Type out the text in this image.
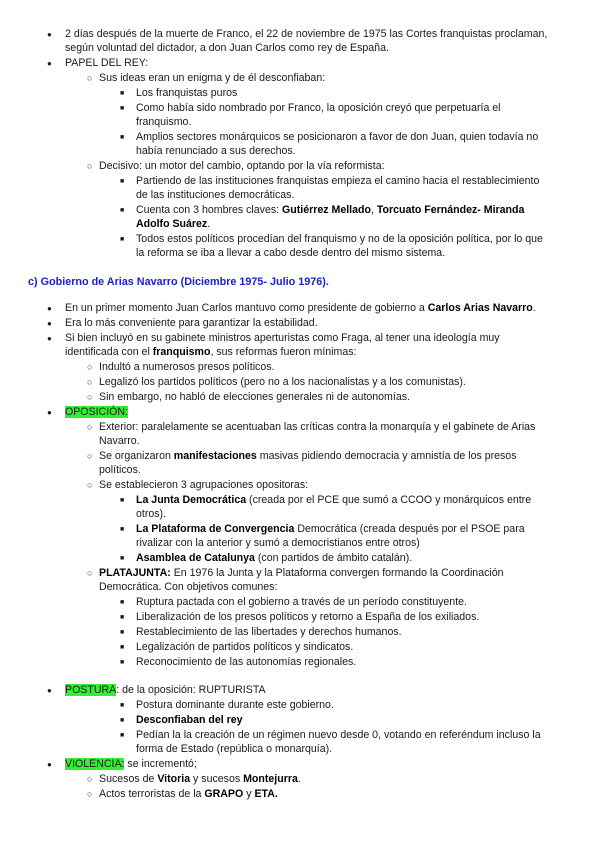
● 2 días después de la muerte de Franco, el 22 de noviembre de 1975 las Cortes franquistas proclaman,
según voluntad del dictador, a don Juan Carlos como rey de España.
● PAPEL DEL REY:
○ Sus ideas eran un enigma y de él desconfiaban:
■ Los franquistas puros
■ Como había sido nombrado por Franco, la oposición creyó que perpetuaría el
franquismo.
■ Amplios sectores monárquicos se posicionaron a favor de don Juan, quien todavía no
había renunciado a sus derechos.
○ Decisivo: un motor del cambio, optando por la vía reformista:
■ Partiendo de las instituciones franquistas empieza el camino hacia el restablecimiento
de las instituciones democráticas.
■ Cuenta con 3 hombres claves: Gutiérrez Mellado, Torcuato Fernández- Miranda
Adolfo Suárez.
■ Todos estos políticos procedían del franquismo y no de la oposición política, por lo que
la reforma se iba a llevar a cabo desde dentro del mismo sistema.
c) Gobierno de Arias Navarro (Diciembre 1975- Julio 1976).
● En un primer momento Juan Carlos mantuvo como presidente de gobierno a Carlos Arias Navarro.
● Era lo más conveniente para garantizar la estabilidad.
● Si bien incluyó en su gabinete ministros aperturistas como Fraga, al tener una ideología muy
identificada con el franquismo, sus reformas fueron mínimas:
○ Indultó a numerosos presos políticos.
○ Legalizó los partidos políticos (pero no a los nacionalistas y a los comunistas).
○ Sin embargo, no habló de elecciones generales ni de autonomías.
● OPOSICIÓN:
○ Exterior: paralelamente se acentuaban las críticas contra la monarquía y el gabinete de Arias
Navarro.
○ Se organizaron manifestaciones masivas pidiendo democracia y amnistía de los presos
políticos.
○ Se establecieron 3 agrupaciones opositoras:
■ La Junta Democrática (creada por el PCE que sumó a CCOO y monárquicos entre
otros).
■ La Plataforma de Convergencia Democrática (creada después por el PSOE para
rivalizar con la anterior y sumó a democristianos entre otros)
■ Asamblea de Catalunya (con partidos de ámbito catalán).
○ PLATAJUNTA: En 1976 la Junta y la Plataforma convergen formando la Coordinación
Democrática. Con objetivos comunes:
■ Ruptura pactada con el gobierno a través de un período constituyente.
■ Liberalización de los presos políticos y retorno a España de los exiliados.
■ Restablecimiento de las libertades y derechos humanos.
■ Legalización de partidos políticos y sindicatos.
■ Reconocimiento de las autonomías regionales.
● POSTURA: de la oposición: RUPTURISTA
■ Postura dominante durante este gobierno.
■ Desconfiaban del rey
■ Pedían la la creación de un régimen nuevo desde 0, votando en referéndum incluso la
forma de Estado (república o monarquía).
● VIOLENCIA: se incrementó;
○ Sucesos de Vitoria y sucesos Montejurra.
○ Actos terroristas de la GRAPO y ETA.
